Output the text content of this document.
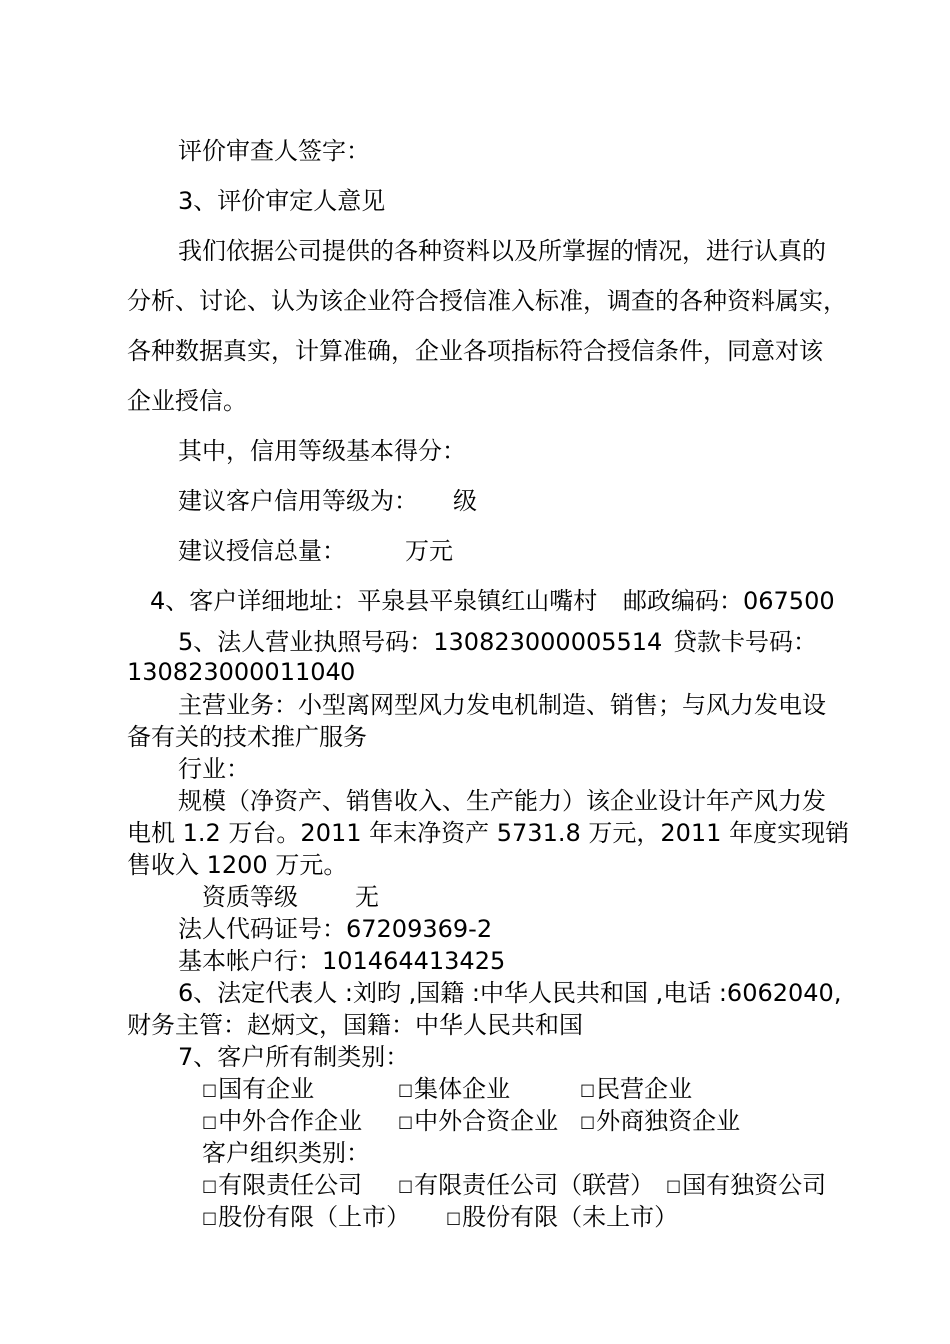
评价审查人签字：
3、评价审定人意见
我们依据公司提供的各种资料以及所掌握的情况，进行认真的
分析、讨论、认为该企业符合授信准入标准，调查的各种资料属实，
各种数据真实，计算准确，企业各项指标符合授信条件，同意对该
企业授信。
其中，信用等级基本得分：
建议客户信用等级为： 级
建议授信总量： 万元
4、客户详细地址：平泉县平泉镇红山嘴村 邮政编码：067500
5、法人营业执照号码：130823000005514 贷款卡号码：
13082300001104 0
主营业务：小型离网型风力发电机制造、销售；与风力发电设
备有关的技术推广服务
行业：
规模（净资产、销售收入、生产能力）该企业设计年产风力发
电机 1.2 万台。2011 年末净资产 5731.8 万元，2011 年度实现销
售收入 1200 万元。
资质等级 无
法人代码证号：67209369-2
基本帐户行：101464413425
6、法定代表人 :刘昀 ,国籍 :中华人民共和国 ,电话 :6062040,
财务主管：赵炳文，国籍：中华人民共和国
7、客户所有制类别：
□ 国有企业	□ 集体企业	□ 民营企业
□ 中外合作企业	□ 中外合资企业	□ 外商独资企业
客户组织类别：
□ 有限责任公司	□ 有限责任公司（联营）	□ 国有独资公司
□ 股份有限（上市）	□ 股份有限（未上市）
